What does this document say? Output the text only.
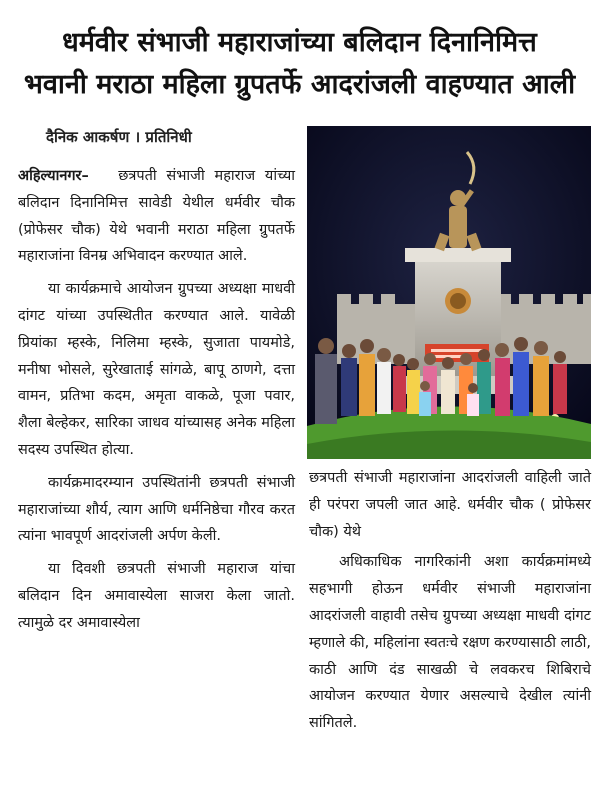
धर्मवीर संभाजी महाराजांच्या बलिदान दिनानिमित्त
भवानी मराठा महिला ग्रुपतर्फे आदरांजली वाहण्यात आली
दैनिक आकर्षण । प्रतिनिधी

अहिल्यानगर– छत्रपती संभाजी महाराज यांच्या बलिदान दिनानिमित्त सावेडी येथील धर्मवीर चौक (प्रोफेसर चौक) येथे भवानी मराठा महिला ग्रुपतर्फे महाराजांना विनम्र अभिवादन करण्यात आले.

या कार्यक्रमाचे आयोजन ग्रुपच्या अध्यक्षा माधवी दांगट यांच्या उपस्थितीत करण्यात आले. यावेळी प्रियांका म्हस्के, निलिमा म्हस्के, सुजाता पायमोडे, मनीषा भोसले, सुरेखाताई सांगळे, बापू ठाणगे, दत्ता वामन, प्रतिभा कदम, अमृता वाकळे, पूजा पवार, शैला बेल्हेकर, सारिका जाधव यांच्यासह अनेक महिला सदस्य उपस्थित होत्या.

कार्यक्रमादरम्यान उपस्थितांनी छत्रपती संभाजी महाराजांच्या शौर्य, त्याग आणि धर्मनिष्ठेचा गौरव करत त्यांना भावपूर्ण आदरांजली अर्पण केली.

या दिवशी छत्रपती संभाजी महाराज यांचा बलिदान दिन अमावास्येला साजरा केला जातो. त्यामुळे दर अमावास्येला

छत्रपती संभाजी महाराजांना आदरांजली वाहिली जाते ही परंपरा जपली जात आहे. धर्मवीर चौक ( प्रोफेसर चौक) येथे

अधिकाधिक नागरिकांनी अशा कार्यक्रमांमध्ये सहभागी होऊन धर्मवीर संभाजी महाराजांना आदरांजली वाहावी तसेच ग्रुपच्या अध्यक्षा माधवी दांगट म्हणाले की, महिलांना स्वतःचे रक्षण करण्यासाठी लाठी, काठी आणि दंड साखळी चे लवकरच शिबिराचे आयोजन करण्यात येणार असल्याचे देखील त्यांनी सांगितले.
